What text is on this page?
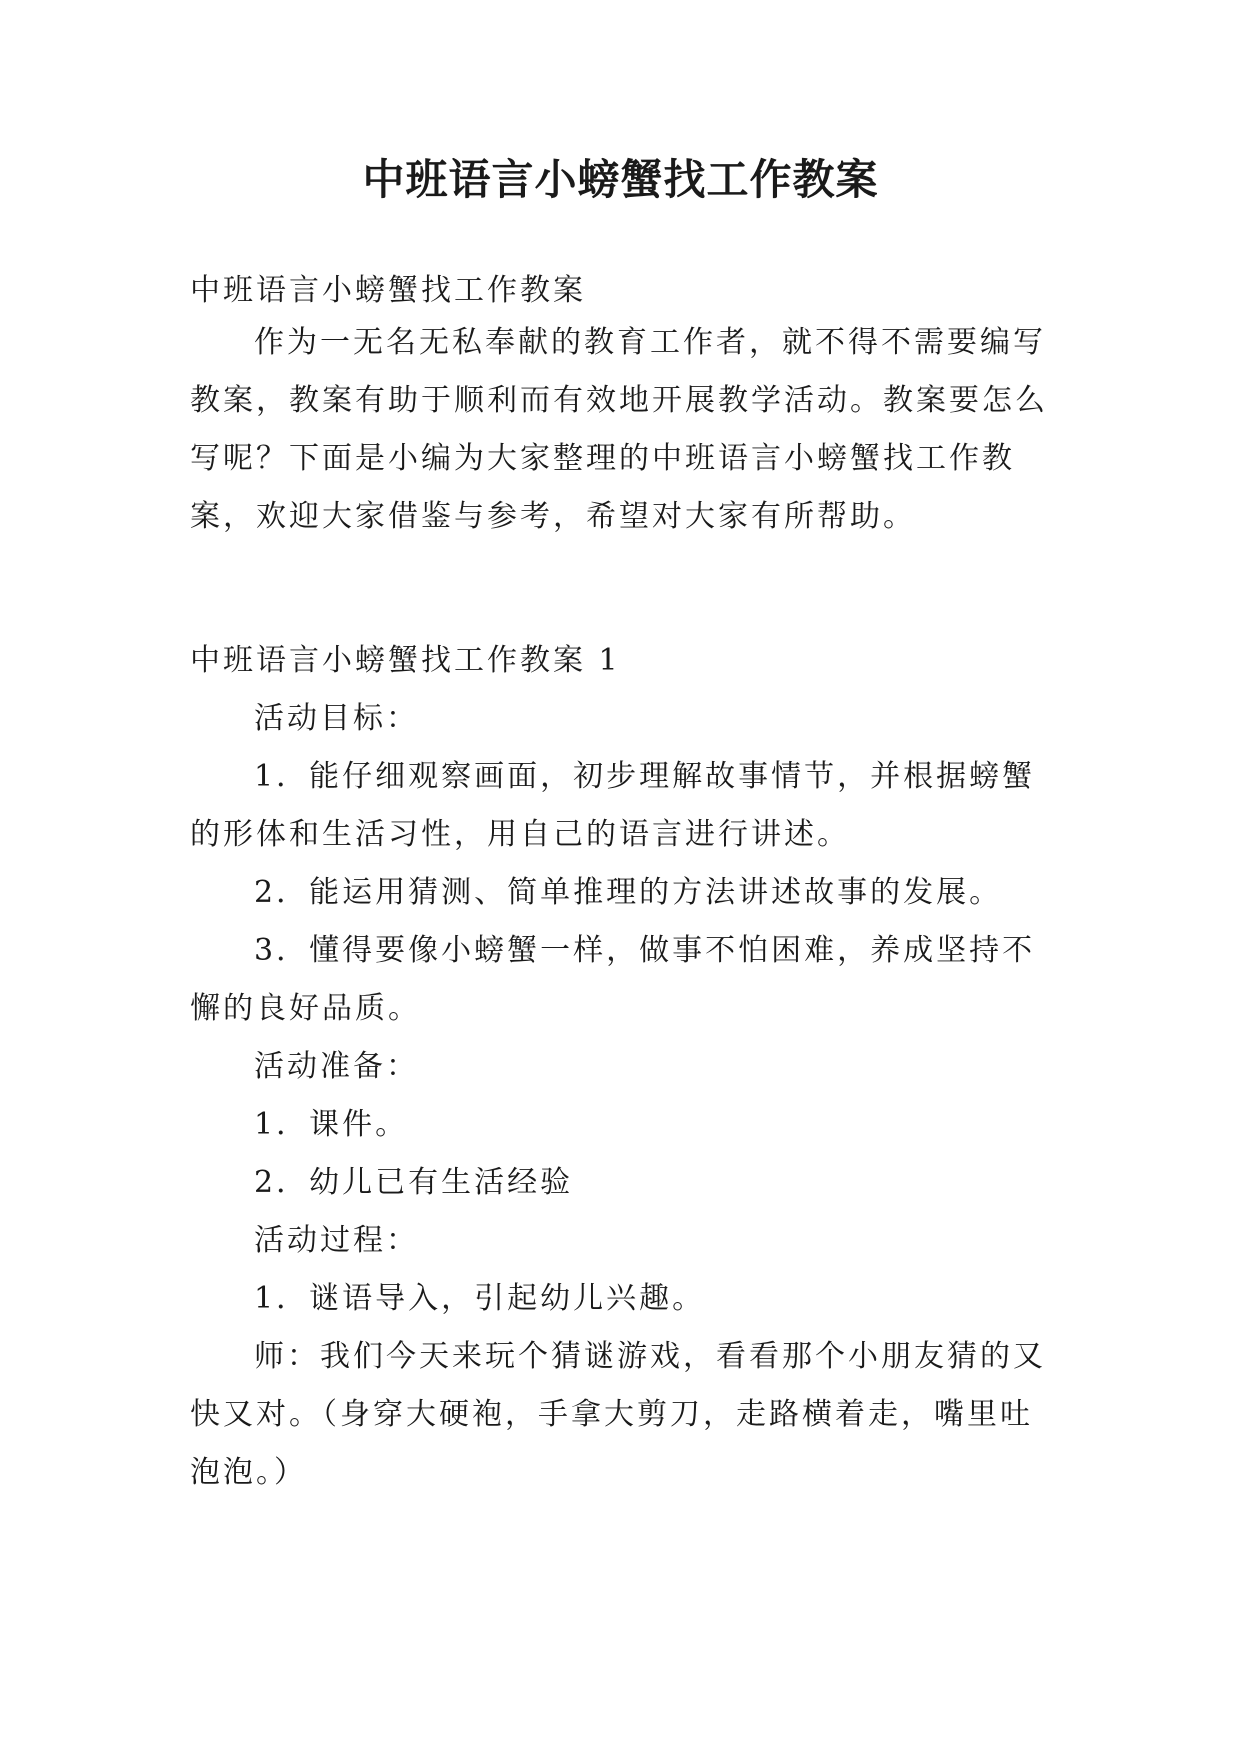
中班语言小螃蟹找工作教案

中班语言小螃蟹找工作教案

作为一无名无私奉献的教育工作者，就不得不需要编写教案，教案有助于顺利而有效地开展教学活动。教案要怎么写呢？下面是小编为大家整理的中班语言小螃蟹找工作教案，欢迎大家借鉴与参考，希望对大家有所帮助。

中班语言小螃蟹找工作教案 1

活动目标：

1．能仔细观察画面，初步理解故事情节，并根据螃蟹的形体和生活习性，用自己的语言进行讲述。

2．能运用猜测、简单推理的方法讲述故事的发展。

3．懂得要像小螃蟹一样，做事不怕困难，养成坚持不懈的良好品质。

活动准备：

1．课件。

2．幼儿已有生活经验

活动过程：

1．谜语导入，引起幼儿兴趣。

师：我们今天来玩个猜谜游戏，看看那个小朋友猜的又快又对。（身穿大硬袍，手拿大剪刀，走路横着走，嘴里吐泡泡。）
